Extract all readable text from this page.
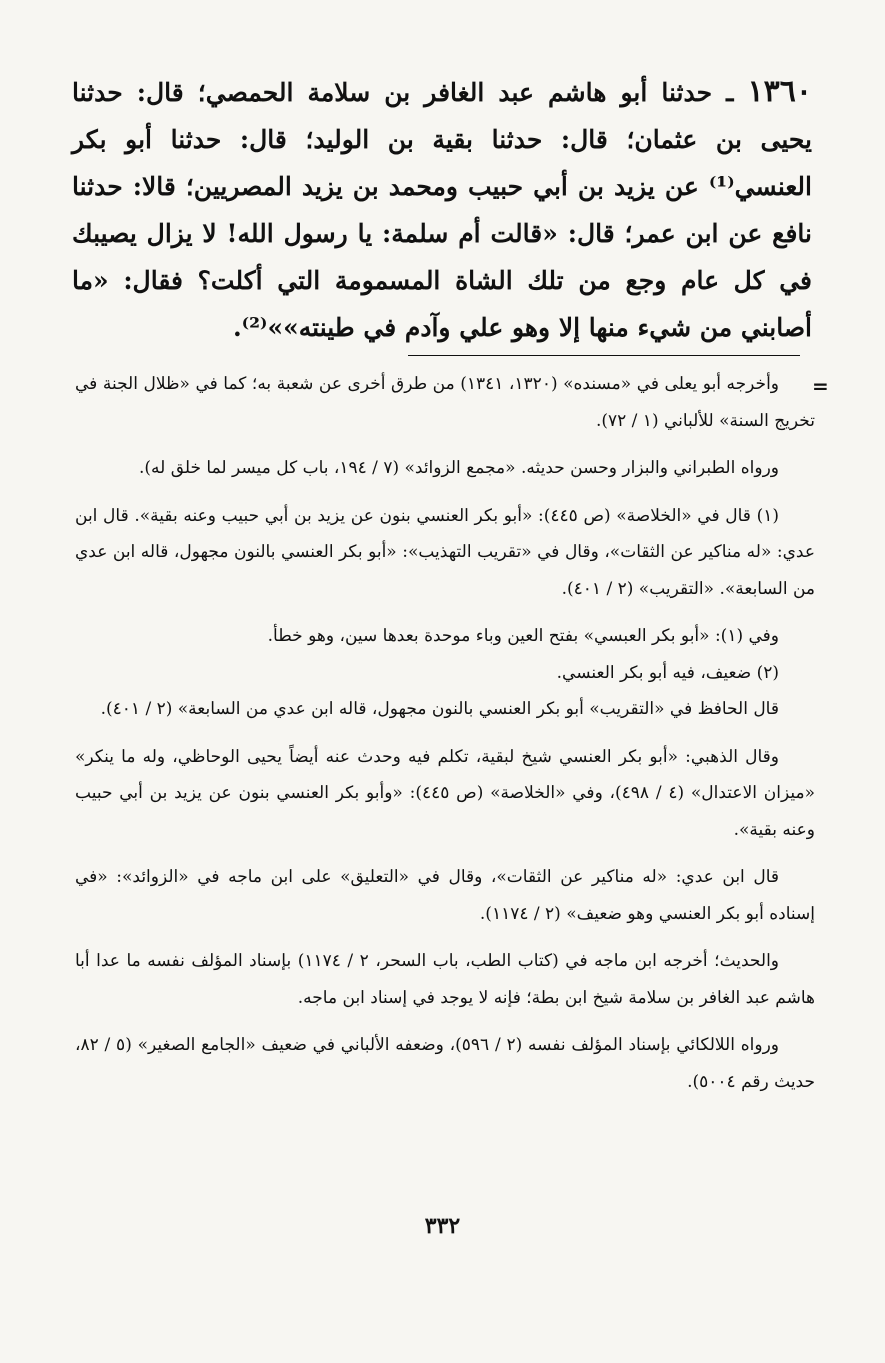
١٣٦٠ ـ حدثنا أبو هاشم عبد الغافر بن سلامة الحمصي؛ قال: حدثنا يحيى بن عثمان؛ قال: حدثنا بقية بن الوليد؛ قال: حدثنا أبو بكر العنسي⁽¹⁾ عن يزيد بن أبي حبيب ومحمد بن يزيد المصريين؛ قالا: حدثنا نافع عن ابن عمر؛ قال: «قالت أم سلمة: يا رسول الله! لا يزال يصيبك في كل عام وجع من تلك الشاة المسمومة التي أكلت؟ فقال: «ما أصابني من شيء منها إلا وهو علي وآدم في طينته»»⁽²⁾.
=

وأخرجه أبو يعلى في «مسنده» (١٣٢٠، ١٣٤١) من طرق أخرى عن شعبة به؛ كما في «ظلال الجنة في تخريج السنة» للألباني (١ / ٧٢).

ورواه الطبراني والبزار وحسن حديثه. «مجمع الزوائد» (٧ / ١٩٤، باب كل ميسر لما خلق له).

(١) قال في «الخلاصة» (ص ٤٤٥): «أبو بكر العنسي بنون عن يزيد بن أبي حبيب وعنه بقية». قال ابن عدي: «له مناكير عن الثقات»، وقال في «تقريب التهذيب»: «أبو بكر العنسي بالنون مجهول، قاله ابن عدي من السابعة». «التقريب» (٢ / ٤٠١).

وفي (١): «أبو بكر العبسي» بفتح العين وباء موحدة بعدها سين، وهو خطأ.

(٢) ضعيف، فيه أبو بكر العنسي.

قال الحافظ في «التقريب» أبو بكر العنسي بالنون مجهول، قاله ابن عدي من السابعة» (٢ / ٤٠١).

وقال الذهبي: «أبو بكر العنسي شيخ لبقية، تكلم فيه وحدث عنه أيضاً يحيى الوحاظي، وله ما ينكر» «ميزان الاعتدال» (٤ / ٤٩٨)، وفي «الخلاصة» (ص ٤٤٥): «وأبو بكر العنسي بنون عن يزيد بن أبي حبيب وعنه بقية».

قال ابن عدي: «له مناكير عن الثقات»، وقال في «التعليق» على ابن ماجه في «الزوائد»: «في إسناده أبو بكر العنسي وهو ضعيف» (٢ / ١١٧٤).

والحديث؛ أخرجه ابن ماجه في (كتاب الطب، باب السحر، ٢ / ١١٧٤) بإسناد المؤلف نفسه ما عدا أبا هاشم عبد الغافر بن سلامة شيخ ابن بطة؛ فإنه لا يوجد في إسناد ابن ماجه.

ورواه اللالكائي بإسناد المؤلف نفسه (٢ / ٥٩٦)، وضعفه الألباني في ضعيف «الجامع الصغير» (٥ / ٨٢، حديث رقم ٥٠٠٤).

٣٣٢
